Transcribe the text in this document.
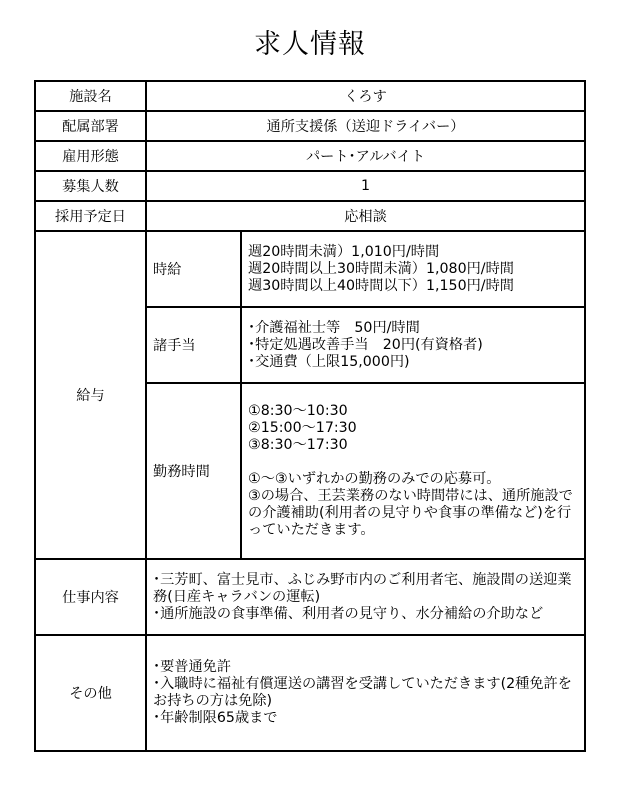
求人情報
施設名	くろす	
配属部署	通所支援係（送迎ドライバー）	
雇用形態	パート･アルバイト	
募集人数	1	
採用予定日	応相談	
給与	時給	週20時間未満）1,010円/時間
週20時間以上30時間未満）1,080円/時間
週30時間以上40時間以下）1,150円/時間

	諸手当	･介護福祉士等　50円/時間
･特定処遇改善手当　20円(有資格者)
･交通費（上限15,000円)

	勤務時間	①8:30～10:30
②15:00～17:30
③8:30～17:30
①～③いずれかの勤務のみでの応募可。
③の場合、王芸業務のない時間帯には、通所施設での介護補助(利用者の見守りや食事の準備など)を行っていただきます。

仕事内容	･三芳町、富士見市、ふじみ野市内のご利用者宅、施設間の送迎業務(日産キャラバンの運転)
･通所施設の食事準備、利用者の見守り、水分補給の介助など	

その他	･要普通免許
･入職時に福祉有償運送の講習を受講していただきます(2種免許をお持ちの方は免除)
･年齢制限65歳まで	
